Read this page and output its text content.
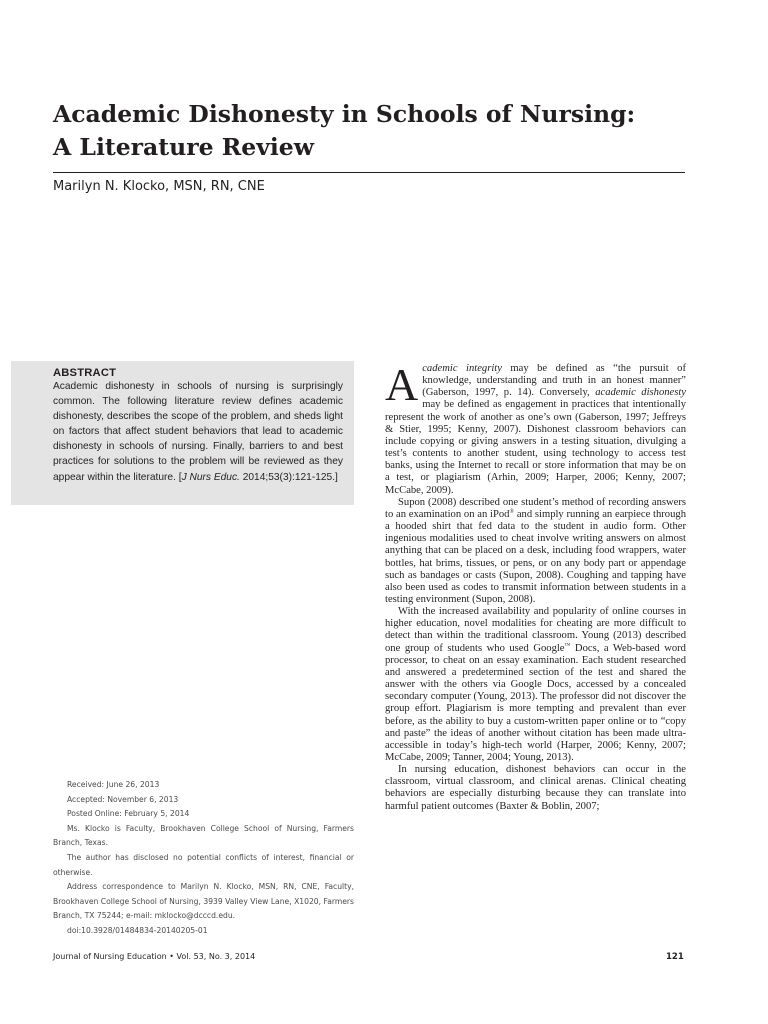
Academic Dishonesty in Schools of Nursing:
A Literature Review
Marilyn N. Klocko, MSN, RN, CNE
ABSTRACT

Academic dishonesty in schools of nursing is surprisingly common. The following literature review defines academic dishonesty, describes the scope of the problem, and sheds light on factors that affect student behaviors that lead to academic dishonesty in schools of nursing. Finally, barriers to and best practices for solutions to the problem will be reviewed as they appear within the literature. [J Nurs Educ. 2014;53(3):121-125.]

Received: June 26, 2013

Accepted: November 6, 2013

Posted Online: February 5, 2014

Ms. Klocko is Faculty, Brookhaven College School of Nursing, Farmers Branch, Texas.

The author has disclosed no potential conflicts of interest, financial or otherwise.

Address correspondence to Marilyn N. Klocko, MSN, RN, CNE, Faculty, Brookhaven College School of Nursing, 3939 Valley View Lane, X1020, Farmers Branch, TX 75244; e-mail: mklocko@dcccd.edu.

doi:10.3928/01484834-20140205-01

Academic integrity may be defined as “the pursuit of knowledge, understanding and truth in an honest manner” (Gaberson, 1997, p. 14). Conversely, academic dishonesty may be defined as engagement in practices that intentionally represent the work of another as one’s own (Gaberson, 1997; Jeffreys & Stier, 1995; Kenny, 2007). Dishonest classroom behaviors can include copying or giving answers in a testing situation, divulging a test’s contents to another student, using technology to access test banks, using the Internet to recall or store information that may be on a test, or plagiarism (Arhin, 2009; Harper, 2006; Kenny, 2007; McCabe, 2009).

Supon (2008) described one student’s method of recording answers to an examination on an iPod® and simply running an earpiece through a hooded shirt that fed data to the student in audio form. Other ingenious modalities used to cheat involve writing answers on almost anything that can be placed on a desk, including food wrappers, water bottles, hat brims, tissues, or pens, or on any body part or appendage such as bandages or casts (Supon, 2008). Coughing and tapping have also been used as codes to transmit information between students in a testing environment (Supon, 2008).

With the increased availability and popularity of online courses in higher education, novel modalities for cheating are more difficult to detect than within the traditional classroom. Young (2013) described one group of students who used Google™ Docs, a Web-based word processor, to cheat on an essay examination. Each student researched and answered a predetermined section of the test and shared the answer with the others via Google Docs, accessed by a concealed secondary computer (Young, 2013). The professor did not discover the group effort. Plagiarism is more tempting and prevalent than ever before, as the ability to buy a custom-written paper online or to “copy and paste” the ideas of another without citation has been made ultra-accessible in today’s high-tech world (Harper, 2006; Kenny, 2007; McCabe, 2009; Tanner, 2004; Young, 2013).

In nursing education, dishonest behaviors can occur in the classroom, virtual classroom, and clinical arenas. Clinical cheating behaviors are especially disturbing because they can translate into harmful patient outcomes (Baxter & Boblin, 2007;

Journal of Nursing Education • Vol. 53, No. 3, 2014	121
